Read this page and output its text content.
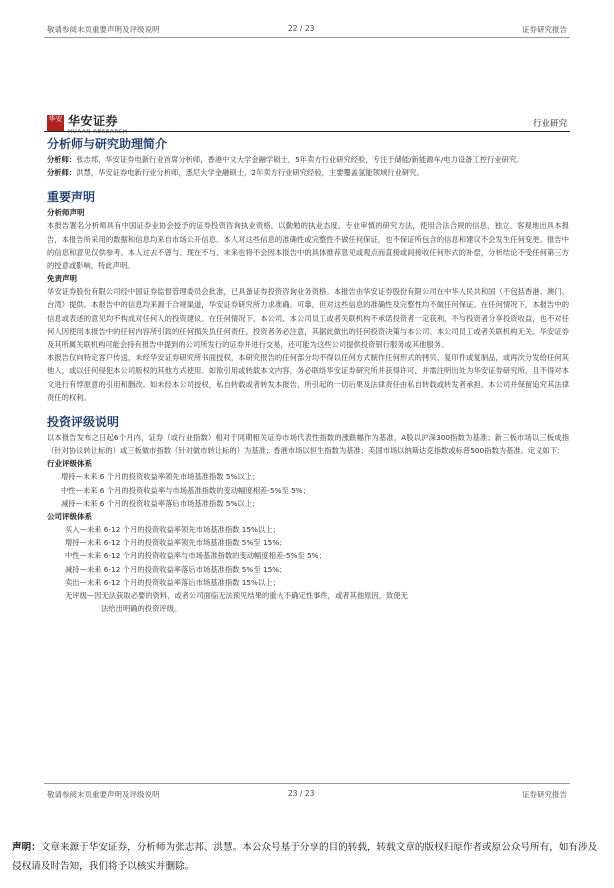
敬请参阅末页重要声明及评级说明	22 / 23	证券研究报告
华安 华安证券
HUAAN RESEARCH
行业研究
分析师与研究助理简介

分析师：张志邦，华安证券电新行业首席分析师，香港中文大学金融学硕士，5年卖方行业研究经验，专注于储能/新能源车/电力设备工控行业研究。

分析师：洪慧，华安证券电新行业分析师，悉尼大学金融硕士，2年卖方行业研究经验，主要覆盖氢能领域行业研究。

重要声明
分析师声明

本报告署名分析师具有中国证券业协会授予的证券投资咨询执业资格，以勤勉的执业态度、专业审慎的研究方法，使用合法合规的信息，独立、客观地出具本报告，本报告所采用的数据和信息均来自市场公开信息。本人对这些信息的准确性或完整性不做任何保证，也不保证所包含的信息和建议不会发生任何变更。报告中的信息和意见仅供参考。本人过去不曾与、现在不与、未来也将不会因本报告中的具体推荐意见或观点而直接或间接收任何形式的补偿，分析结论不受任何第三方的授意或影响，特此声明。

免责声明

华安证券股份有限公司经中国证券监督管理委员会批准，已具备证券投资咨询业务资格。本报告由华安证券股份有限公司在中华人民共和国（不包括香港、澳门、台湾）提供。本报告中的信息均来源于合规渠道，华安证券研究所力求准确、可靠，但对这些信息的准确性及完整性均不做任何保证。在任何情况下，本报告中的信息或表述的意见均不构成对任何人的投资建议。在任何情况下，本公司、本公司员工或者关联机构不承诺投资者一定获利，不与投资者分享投资收益，也不对任何人因使用本报告中的任何内容所引致的任何损失负任何责任。投资者务必注意，其据此做出的任何投资决策与本公司、本公司员工或者关联机构无关。华安证券及其所属关联机构可能会持有报告中提到的公司所发行的证券并进行交易，还可能为这些公司提供投资银行服务或其他服务。

本报告仅向特定客户传送，未经华安证券研究所书面授权，本研究报告的任何部分均不得以任何方式制作任何形式的拷贝、复印件或复制品，或再次分发给任何其他人，或以任何侵犯本公司版权的其他方式使用。如欲引用或转载本文内容，务必联络华安证券研究所并获得许可，并需注明出处为华安证券研究所，且不得对本文进行有悖原意的引用和删改。如未经本公司授权，私自转载或者转发本报告，所引起的一切后果及法律责任由私自转载或转发者承担。本公司并保留追究其法律责任的权利。

投资评级说明

以本报告发布之日起6个月内，证券（或行业指数）相对于同期相关证券市场代表性指数的涨跌幅作为基准，A股以沪深300指数为基准；新三板市场以三板成指（针对协议转让标的）或三板做市指数（针对做市转让标的）为基准；香港市场以恒生指数为基准；美国市场以纳斯达克指数或标普500指数为基准。定义如下：

行业评级体系

增持—未来 6 个月的投资收益率领先市场基准指数 5%以上；

中性—未来 6 个月的投资收益率与市场基准指数的变动幅度相差-5%至 5%；

减持—未来 6 个月的投资收益率落后市场基准指数 5%以上；

公司评级体系

买入—未来 6-12 个月的投资收益率领先市场基准指数 15%以上；

增持—未来 6-12 个月的投资收益率领先市场基准指数 5%至 15%；

中性—未来 6-12 个月的投资收益率与市场基准指数的变动幅度相差-5%至 5%；

减持—未来 6-12 个月的投资收益率落后市场基准指数 5%至 15%；

卖出—未来 6-12 个月的投资收益率落后市场基准指数 15%以上；

无评级—因无法获取必要的资料，或者公司面临无法预见结果的重大不确定性事件，或者其他原因，致使无
法给出明确的投资评级。

敬请参阅末页重要声明及评级说明	23 / 23	证券研究报告
声明：文章来源于华安证券，分析师为张志邦、洪慧。本公众号基于分享的目的转载，转载文章的版权归原作者或原公众号所有，如有涉及侵权请及时告知，我们将予以核实并删除。
